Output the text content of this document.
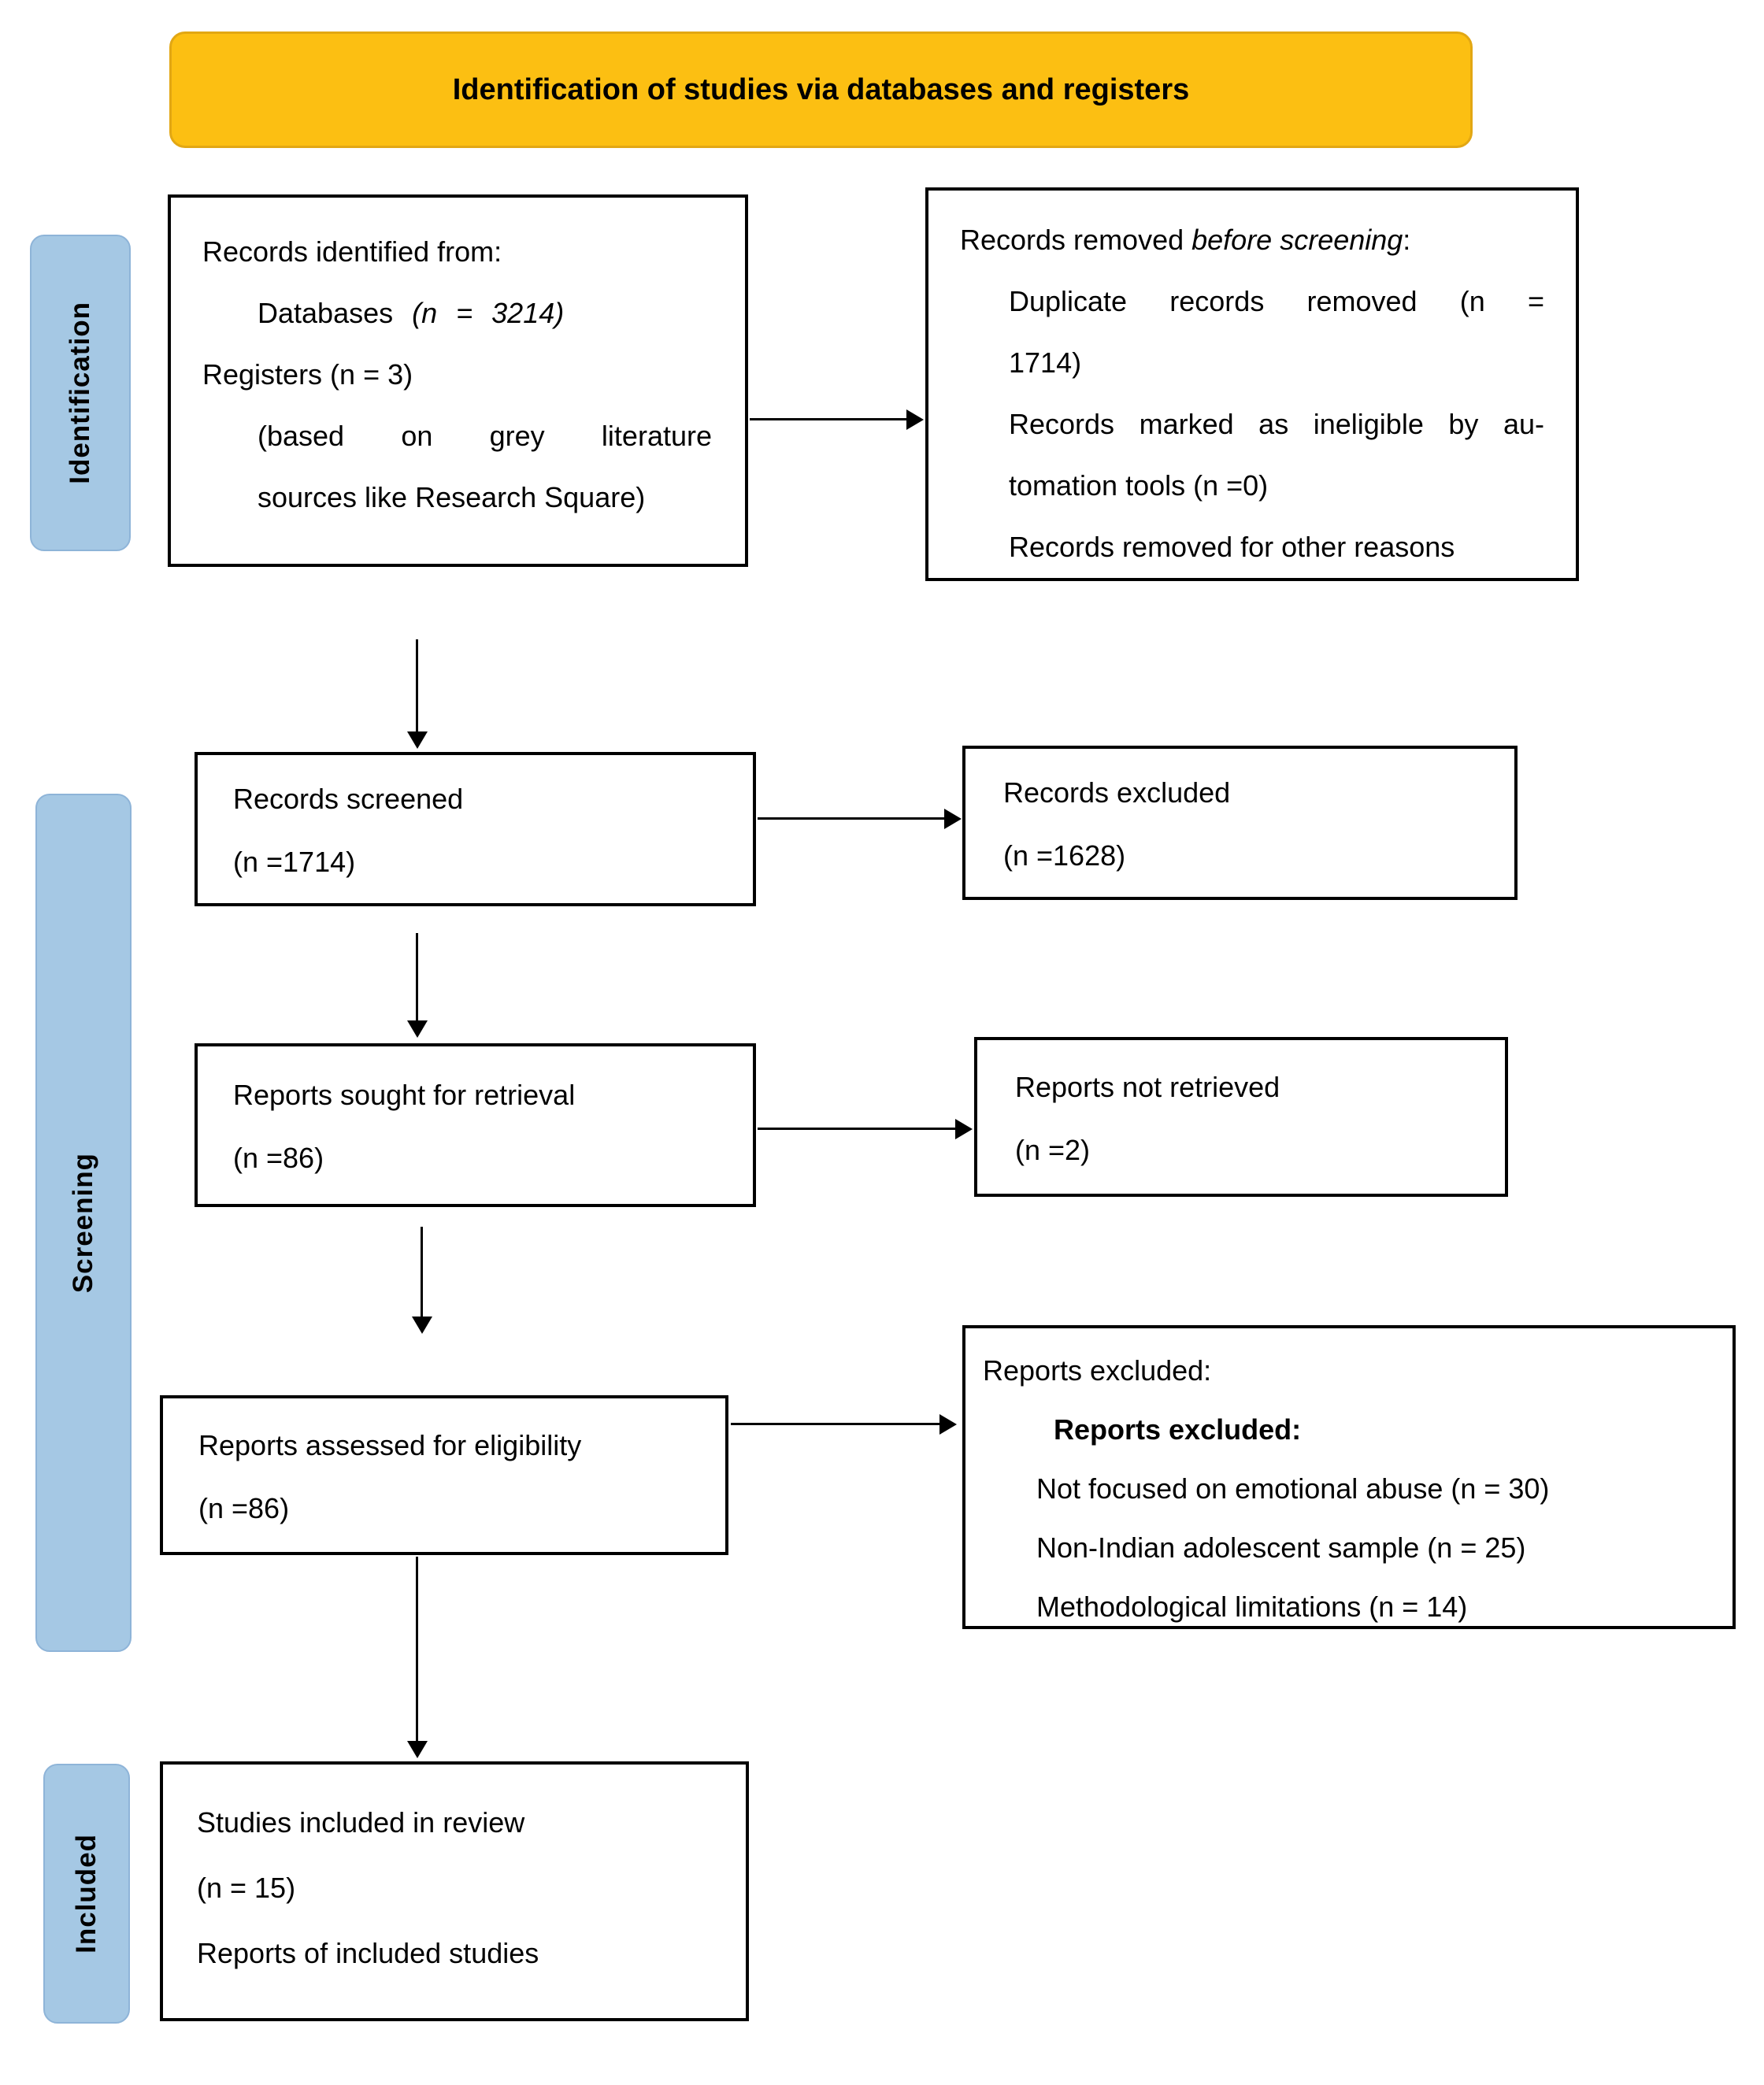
Identification of studies via databases and registers
Identification
Screening
Included
Records identified from:
Databases (n = 3214)
Registers (n = 3)
(based on grey literature
sources like Research Square)
Records removed before screening:
Duplicate records removed (n =
1714)
Records marked as ineligible by au-
tomation tools (n =0)
Records removed for other reasons
Records screened
(n =1714)
Records excluded
(n =1628)
Reports sought for retrieval
(n =86)
Reports not retrieved
(n =2)
Reports assessed for eligibility
(n =86)
Reports excluded:
Reports excluded:
Not focused on emotional abuse (n = 30)
Non-Indian adolescent sample (n = 25)
Methodological limitations (n = 14)
Studies included in review
(n = 15)
Reports of included studies
